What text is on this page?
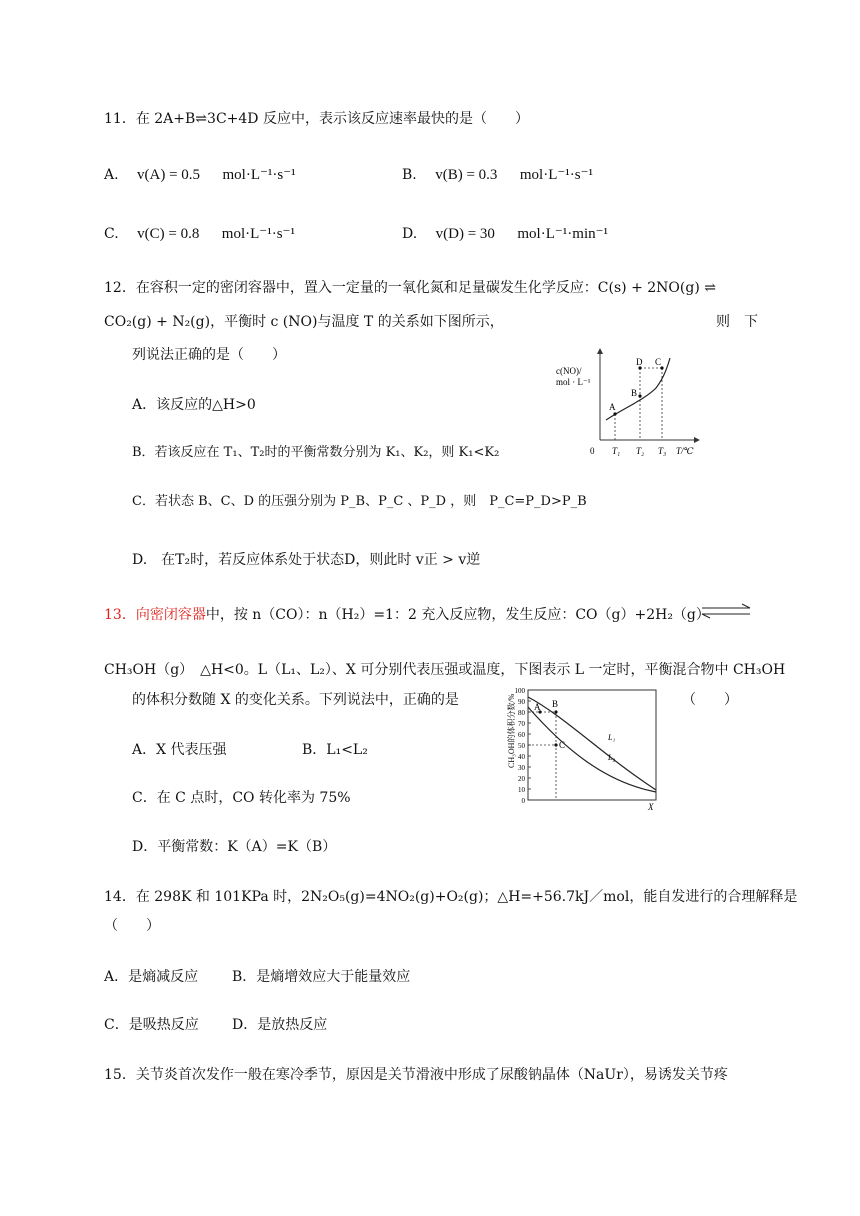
11．在 2A+B⇌3C+4D 反应中，表示该反应速率最快的是（　　）
A. v(A) = 0.5 mol·L⁻¹·s⁻¹	B. v(B) = 0.3 mol·L⁻¹·s⁻¹
C. v(C) = 0.8 mol·L⁻¹·s⁻¹	D. v(D) = 30 mol·L⁻¹·min⁻¹
12．在容积一定的密闭容器中，置入一定量的一氧化氮和足量碳发生化学反应：C(s) + 2NO(g) ⇌
CO₂(g) + N₂(g)，平衡时 c (NO)与温度 T 的关系如下图所示，	则　下
列说法正确的是（　　）
A．该反应的△H>0
B．若该反应在 T₁、T₂时的平衡常数分别为 K₁、K₂，则 K₁<K₂
C．若状态 B、C、D 的压强分别为 P_B、P_C 、P_D ，则　P_C=P_D>P_B
D.　在T₂时，若反应体系处于状态D，则此时 v正 > v逆
c(NO)/
mol · L⁻¹
0 T₁ T₂ T₃ T/℃
A
B
C
D
13．向密闭容器中，按 n（CO）：n（H₂）=1：2 充入反应物，发生反应：CO（g）+2H₂（g）
CH₃OH（g）　△H<0。L（L₁、L₂）、X 可分别代表压强或温度，下图表示 L 一定时，平衡混合物中 CH₃OH
的体积分数随 X 的变化关系。下列说法中，正确的是	（　　）
A．X 代表压强	B．L₁<L₂
C．在 C 点时，CO 转化率为 75%
D．平衡常数：K（A）=K（B）
CH₃OH的体积分数/%
100
90
80
70
60
50
40
30
20
10
0
X
A B
C
L₁
L₂
14．在 298K 和 101KPa 时，2N₂O₅(g)=4NO₂(g)+O₂(g)；△H=+56.7kJ／mol，能自发进行的合理解释是
（　　）
A．是熵减反应 B．是熵增效应大于能量效应
C．是吸热反应 D．是放热反应
15．关节炎首次发作一般在寒冷季节，原因是关节滑液中形成了尿酸钠晶体（NaUr），易诱发关节疼
